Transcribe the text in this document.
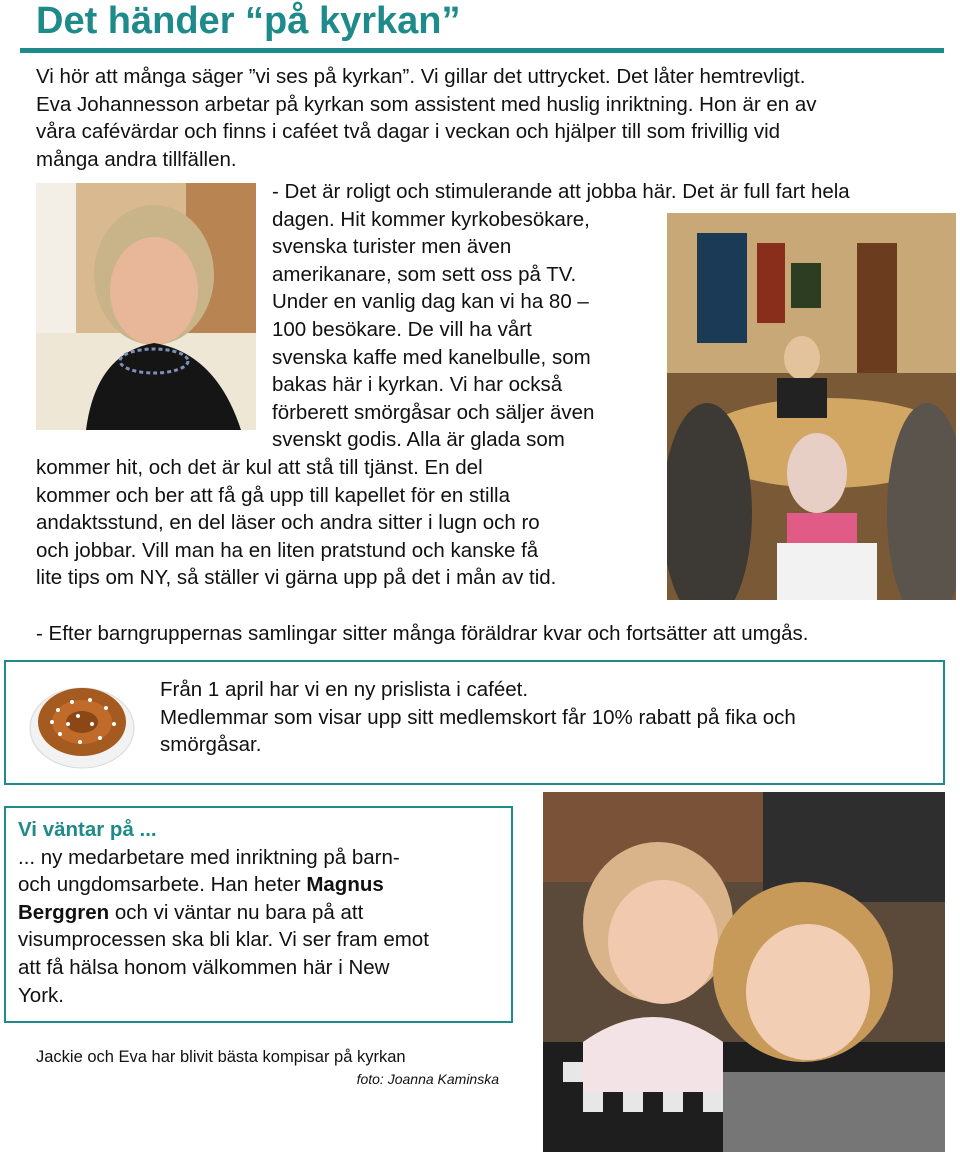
Det händer “på kyrkan”
Vi hör att många säger ”vi ses på kyrkan”. Vi gillar det uttrycket. Det låter hemtrevligt.
Eva Johannesson arbetar på kyrkan som assistent med huslig inriktning. Hon är en av
våra cafévärdar och finns i caféet två dagar i veckan och hjälper till som frivillig vid
många andra tillfällen.
- Det är roligt och stimulerande att jobba här. Det är full fart hela
dagen. Hit kommer kyrkobesökare,
svenska turister men även
amerikanare, som sett oss på TV.
Under en vanlig dag kan vi ha 80 –
100 besökare. De vill ha vårt
svenska kaffe med kanelbulle, som
bakas här i kyrkan. Vi har också
förberett smörgåsar och säljer även
svenskt godis. Alla är glada som
kommer hit, och det är kul att stå till tjänst. En del
kommer och ber att få gå upp till kapellet för en stilla
andaktsstund, en del läser och andra sitter i lugn och ro
och jobbar. Vill man ha en liten pratstund och kanske få
lite tips om NY, så ställer vi gärna upp på det i mån av tid.
- Efter barngruppernas samlingar sitter många föräldrar kvar och fortsätter att umgås.
Från 1 april har vi en ny prislista i caféet.
Medlemmar som visar upp sitt medlemskort får 10% rabatt på fika och
smörgåsar.
Vi väntar på ...
... ny medarbetare med inriktning på barn-
och ungdomsarbete. Han heter Magnus
Berggren och vi väntar nu bara på att
visumprocessen ska bli klar. Vi ser fram emot
att få hälsa honom välkommen här i New
York.
Jackie och Eva har blivit bästa kompisar på kyrkan
foto: Joanna Kaminska
